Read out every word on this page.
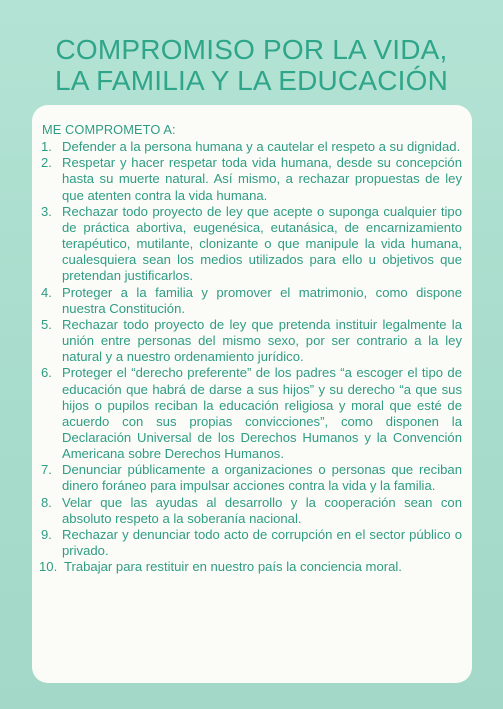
COMPROMISO POR LA VIDA,
LA FAMILIA Y LA EDUCACIÓN
ME COMPROMETO A:
1. Defender a la persona humana y a cautelar el respeto a su dignidad.
2. Respetar y hacer respetar toda vida humana, desde su concepción hasta su muerte natural. Así mismo, a rechazar propuestas de ley que atenten contra la vida humana.
3. Rechazar todo proyecto de ley que acepte o suponga cualquier tipo de práctica abortiva, eugenésica, eutanásica, de encarnizamiento terapéutico, mutilante, clonizante o que manipule la vida humana, cualesquiera sean los medios utilizados para ello u objetivos que pretendan justificarlos.
4. Proteger a la familia y promover el matrimonio, como dispone nuestra Constitución.
5. Rechazar todo proyecto de ley que pretenda instituir legalmente la unión entre personas del mismo sexo, por ser contrario a la ley natural y a nuestro ordenamiento jurídico.
6. Proteger el “derecho preferente” de los padres “a escoger el tipo de educación que habrá de darse a sus hijos” y su derecho “a que sus hijos o pupilos reciban la educación religiosa y moral que esté de acuerdo con sus propias convicciones”, como disponen la Declaración Universal de los Derechos Humanos y la Convención Americana sobre Derechos Humanos.
7. Denunciar públicamente a organizaciones o personas que reciban dinero foráneo para impulsar acciones contra la vida y la familia.
8. Velar que las ayudas al desarrollo y la cooperación sean con absoluto respeto a la soberanía nacional.
9. Rechazar y denunciar todo acto de corrupción en el sector público o privado.
10. Trabajar para restituir en nuestro país la conciencia moral.
